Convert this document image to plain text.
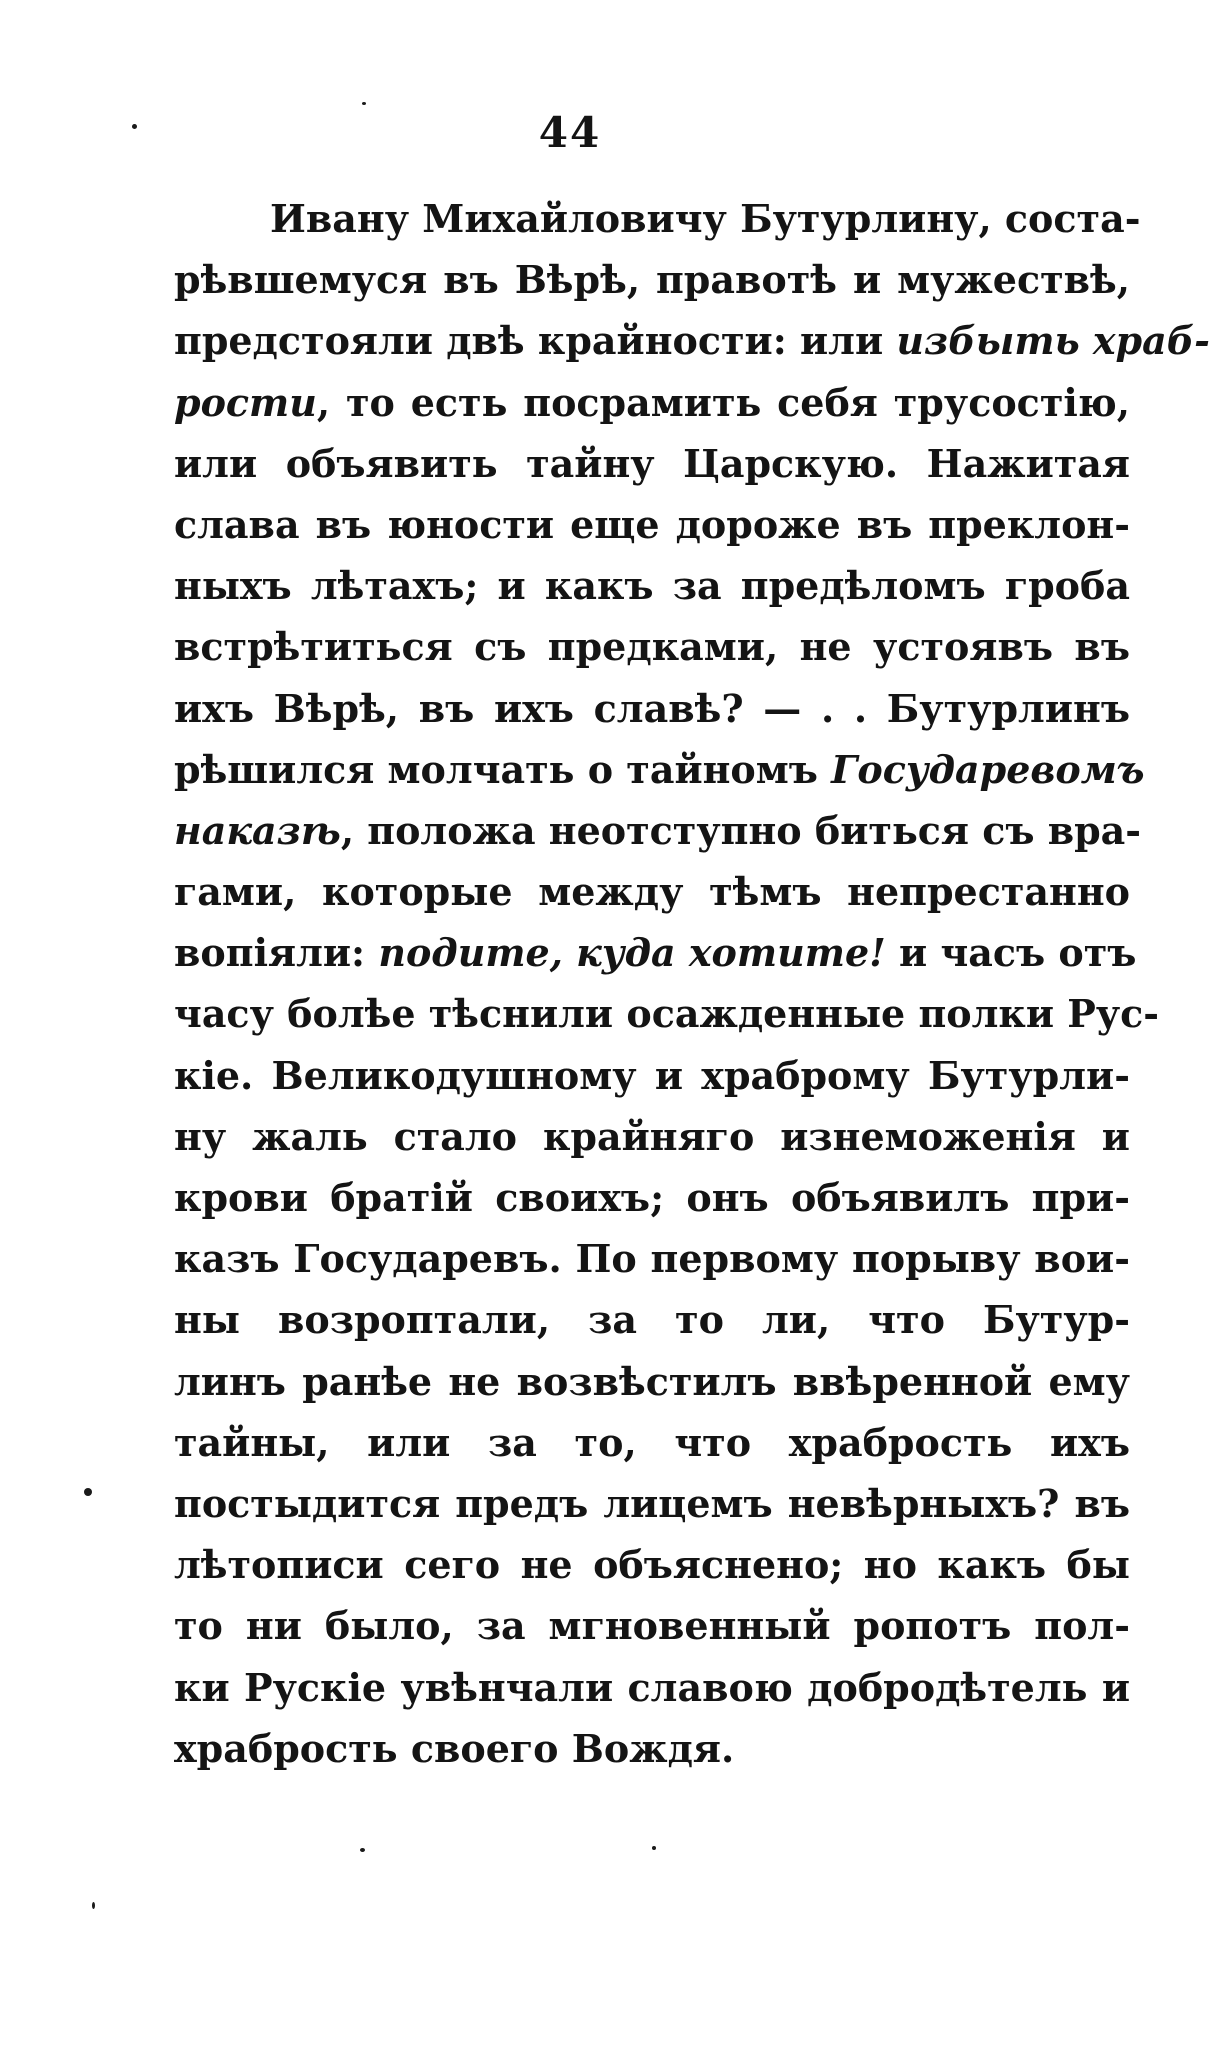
44
Ивану Михайловичу Бутурлину, соста-
рѣвшемуся въ Вѣрѣ, правотѣ и мужествѣ,
предстояли двѣ крайности: или избыть храб-
рости, то есть посрамить себя трусостію,
или объявить тайну Царскую. Нажитая
слава въ юности еще дороже въ преклон-
ныхъ лѣтахъ; и какъ за предѣломъ гроба
встрѣтиться съ предками, не устоявъ въ
ихъ Вѣрѣ, въ ихъ славѣ? — . . Бутурлинъ
рѣшился молчать о тайномъ Государевомъ
наказѣ, положа неотступно биться съ вра-
гами, которые между тѣмъ непрестанно
вопіяли: подите, куда хотите! и часъ отъ
часу болѣе тѣснили осажденные полки Рус-
кіе. Великодушному и храброму Бутурли-
ну жаль стало крайняго изнеможенія и
крови братій своихъ; онъ объявилъ при-
казъ Государевъ. По первому порыву вои-
ны возроптали, за то ли, что Бутур-
линъ ранѣе не возвѣстилъ ввѣренной ему
тайны, или за то, что храбрость ихъ
постыдится предъ лицемъ невѣрныхъ? въ
лѣтописи сего не объяснено; но какъ бы
то ни было, за мгновенный ропотъ пол-
ки Рускіе увѣнчали славою добродѣтель и
храбрость своего Вождя.
